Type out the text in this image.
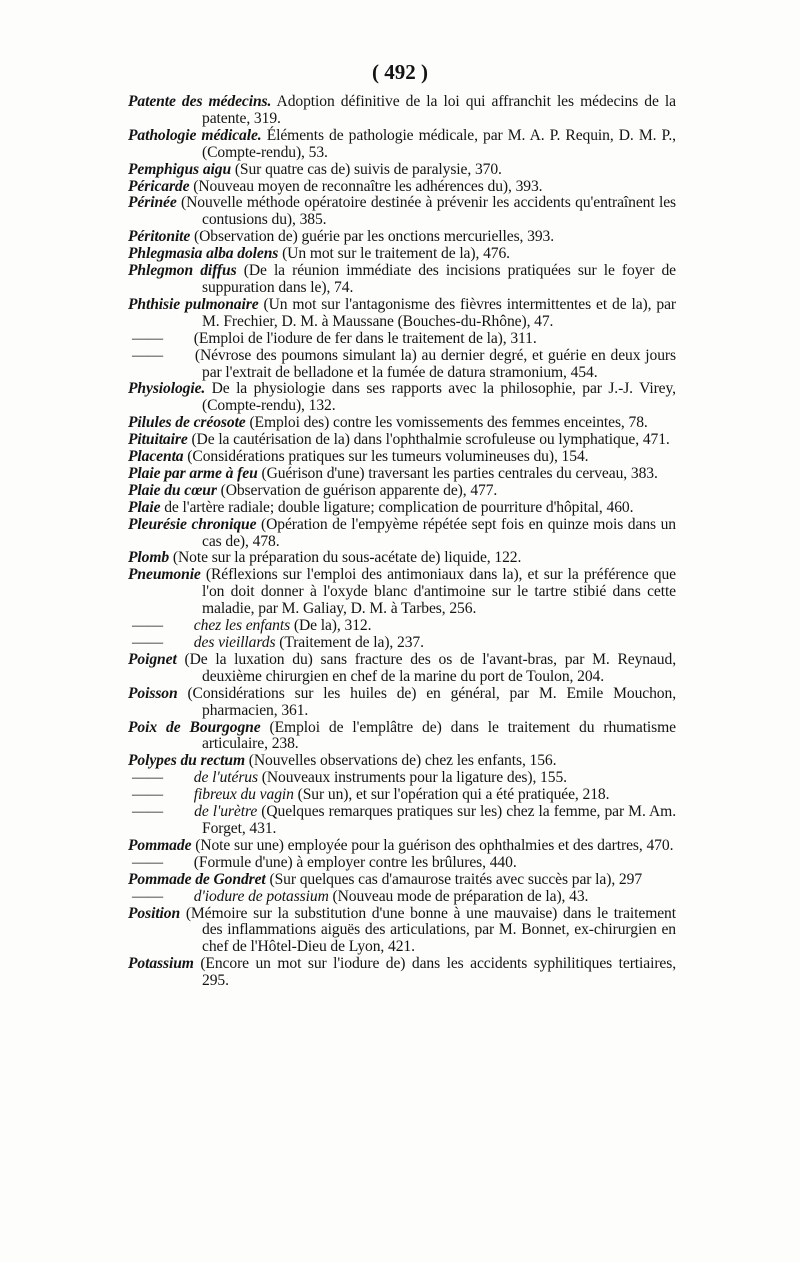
( 492 )

Patente des médecins. Adoption définitive de la loi qui affranchit les médecins de la patente, 319.

Pathologie médicale. Éléments de pathologie médicale, par M. A. P. Requin, D. M. P., (Compte-rendu), 53.

Pemphigus aigu (Sur quatre cas de) suivis de paralysie, 370.

Péricarde (Nouveau moyen de reconnaître les adhérences du), 393.

Périnée (Nouvelle méthode opératoire destinée à prévenir les accidents qu'entraînent les contusions du), 385.

Péritonite (Observation de) guérie par les onctions mercurielles, 393.

Phlegmasia alba dolens (Un mot sur le traitement de la), 476.

Phlegmon diffus (De la réunion immédiate des incisions pratiquées sur le foyer de suppuration dans le), 74.

Phthisie pulmonaire (Un mot sur l'antagonisme des fièvres intermittentes et de la), par M. Frechier, D. M. à Maussane (Bouches-du-Rhône), 47.

—— (Emploi de l'iodure de fer dans le traitement de la), 311.

—— (Névrose des poumons simulant la) au dernier degré, et guérie en deux jours par l'extrait de belladone et la fumée de datura stramonium, 454.

Physiologie. De la physiologie dans ses rapports avec la philosophie, par J.-J. Virey, (Compte-rendu), 132.

Pilules de créosote (Emploi des) contre les vomissements des femmes enceintes, 78.

Pituitaire (De la cautérisation de la) dans l'ophthalmie scrofuleuse ou lymphatique, 471.

Placenta (Considérations pratiques sur les tumeurs volumineuses du), 154.

Plaie par arme à feu (Guérison d'une) traversant les parties centrales du cerveau, 383.

Plaie du cœur (Observation de guérison apparente de), 477.

Plaie de l'artère radiale; double ligature; complication de pourriture d'hôpital, 460.

Pleurésie chronique (Opération de l'empyème répétée sept fois en quinze mois dans un cas de), 478.

Plomb (Note sur la préparation du sous-acétate de) liquide, 122.

Pneumonie (Réflexions sur l'emploi des antimoniaux dans la), et sur la préférence que l'on doit donner à l'oxyde blanc d'antimoine sur le tartre stibié dans cette maladie, par M. Galiay, D. M. à Tarbes, 256.

—— chez les enfants (De la), 312.

—— des vieillards (Traitement de la), 237.

Poignet (De la luxation du) sans fracture des os de l'avant-bras, par M. Reynaud, deuxième chirurgien en chef de la marine du port de Toulon, 204.

Poisson (Considérations sur les huiles de) en général, par M. Emile Mouchon, pharmacien, 361.

Poix de Bourgogne (Emploi de l'emplâtre de) dans le traitement du rhumatisme articulaire, 238.

Polypes du rectum (Nouvelles observations de) chez les enfants, 156.

—— de l'utérus (Nouveaux instruments pour la ligature des), 155.

—— fibreux du vagin (Sur un), et sur l'opération qui a été pratiquée, 218.

—— de l'urètre (Quelques remarques pratiques sur les) chez la femme, par M. Am. Forget, 431.

Pommade (Note sur une) employée pour la guérison des ophthalmies et des dartres, 470.

—— (Formule d'une) à employer contre les brûlures, 440.

Pommade de Gondret (Sur quelques cas d'amaurose traités avec succès par la), 297

—— d'iodure de potassium (Nouveau mode de préparation de la), 43.

Position (Mémoire sur la substitution d'une bonne à une mauvaise) dans le traitement des inflammations aiguës des articulations, par M. Bonnet, ex-chirurgien en chef de l'Hôtel-Dieu de Lyon, 421.

Potassium (Encore un mot sur l'iodure de) dans les accidents syphilitiques tertiaires, 295.
